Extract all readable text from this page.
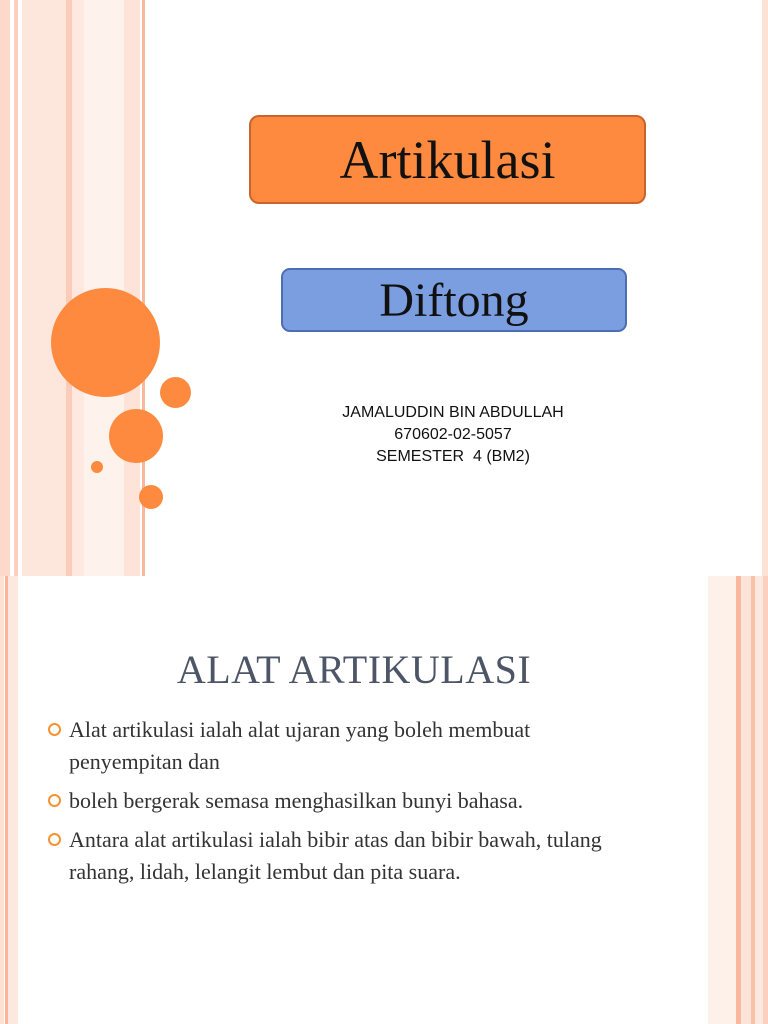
Artikulasi
Diftong
JAMALUDDIN BIN ABDULLAH
670602-02-5057
SEMESTER  4 (BM2)
ALAT ARTIKULASI
Alat artikulasi ialah alat ujaran yang boleh membuat penyempitan dan
boleh bergerak semasa menghasilkan bunyi bahasa.
Antara alat artikulasi ialah bibir atas dan bibir bawah, tulang rahang, lidah, lelangit lembut dan pita suara.
